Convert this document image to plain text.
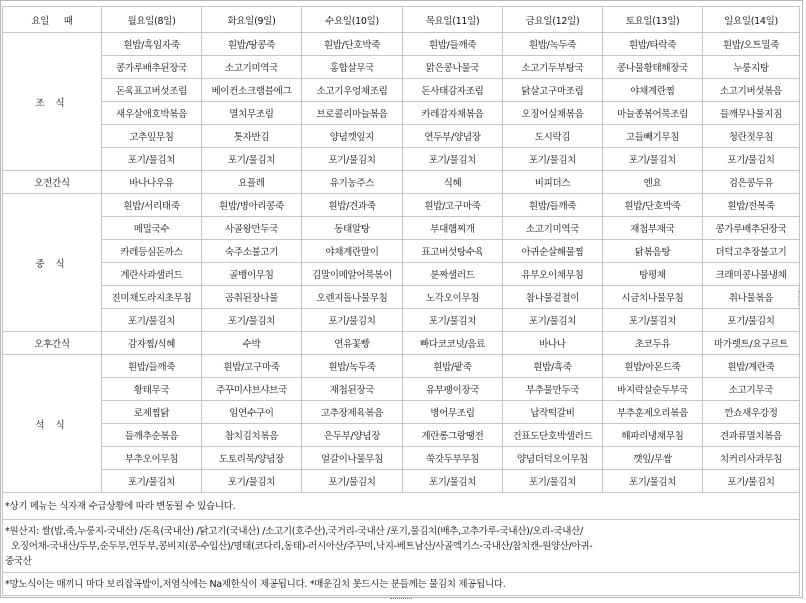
요일 　 때	월요일(8일)	화요일(9일)	수요일(10일)	목요일(11일)	금요일(12일)	토요일(13일)	일요일(14일)
조 식	흰밥/흑임자죽	흰밥/땅콩죽	흰밥/단호박죽	흰밥/들깨죽	흰밥/녹두죽	흰밥/타락죽	흰밥/오트밀죽
	콩가루배추된장국	소고기미역국	홍합살무국	맑은콩나물국	소고기두부탕국	콩나물황태해장국	누룽지탕
	돈육표고버섯조림	베이컨소크램블에그	소고기우엉채조림	돈사태감자조림	닭살고구마조림	야채계란찜	소고기버섯볶음
	새우살애호박볶음	멸치무조림	브로콜리마늘볶음	카레감자채볶음	오징어실채볶음	마늘종볶어묵조림	들깨무나물지짐
	고추잎무침	톳자반김	양념깻잎지	연두부/양념장	도시락김	고들빼기무침	청란젓무침
	포기/물김치	포기/물김치	포기/물김치	포기/물김치	포기/물김치	포기/물김치	포기/물김치
오전간식	바나나우유	요플레	유기농주스	식혜	비피더스	엔요	검은콩두유
중 식	흰밥/서리태죽	흰밥/병아리콩죽	흰밥/견과죽	흰밥/고구마죽	흰밥/들깨죽	흰밥/단호박죽	흰밥/전복죽
	메밀국수	사골왕만두국	동태알탕	부대햄찌개	소고기미역국	재첩부재국	콩가루배추된장국
	카레등심돈까스	숙주소불고기	야채계란말이	표고버섯탕수육	아귀순살해물찜	닭볶음탕	더덕고추장불고기
	계란사과샐러드	골뱅이무침	김말이메알어묵볶이	분짜샐러드	유부오이채무침	탕평채	크래미콩나물냉채
	진미채도라지초무침	곰취된장나물	오렌지돌나물무침	노각오이무침	참나물겉절이	시금치나물무침	취나물볶음
	포기/물김치	포기/물김치	포기/물김치	포기/물김치	포기/물김치	포기/물김치	포기/물김치
오후간식	감자찜/식혜	수박	연유꽃빵	빠다코코넛/음료	바나나	초코두유	마가렛트/요구르트
석 식	흰밥/들깨죽	흰밥/고구마죽	흰밥/녹두죽	흰밥/팥죽	흰밥/흑죽	흰밥/아몬드죽	흰밥/계란죽
	황태무국	주꾸미샤브샤브국	재첩된장국	유부팽이장국	부추물만두국	바지락살순두부국	소고기무국
	로제찜닭	임연수구이	고추장제육볶음	병어무조림	납작떡갈비	부추훈제오리볶음	깐쇼새우강정
	들깨추순볶음	참치김치볶음	은두부/양념장	계란롱그랑땡전	건표도단호박샐러드	해파리냉채무침	견과류멸치볶음
	부추오이무침	도토리묵/양념장	얼갈이나물무침	쑥갓두부무침	양념더덕오이무침	깻잎/무쌈	치커리사과무침
	포기/물김치	포기/물김치	포기/물김치	포기/물김치	포기/물김치	포기/물김치	포기/물김치

*상기 메뉴는 식자재 수급상황에 따라 변동될 수 있습니다.							

*원산지: 쌀(밥,죽,누룽지-국내산) /돈육(국내산) /닭고기(국내산) /소고기(호주산),국거리-국내산 /포기,물김치(배추,고추가루-국내산)/오리-국내산/
오징어채-국내산/두부,순두부,연두부,콩비지(콩-수입산)/명태(코다리,동태)-러시아산/주꾸미,낙지-베트남산/사골엑기스-국내산/참치캔-원양산/아귀-
중국산							

*망노식이는 매끼니 마다 보리잡곡밥이,저염식에는 Na제한식이 제공됩니다. *매운김치 못드시는 분들께는 물김치 제공됩니다.							
